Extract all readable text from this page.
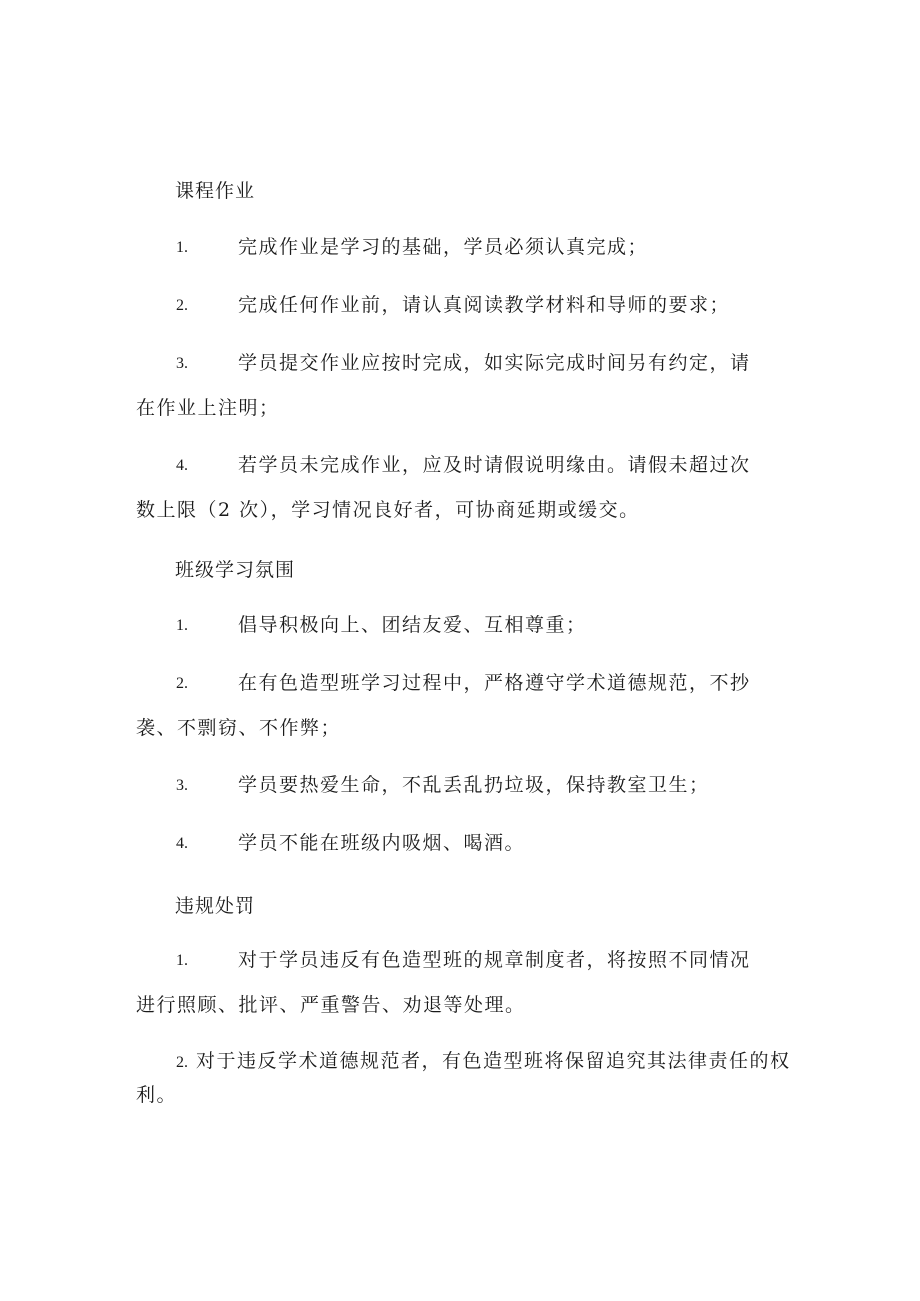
课程作业
1.	完成作业是学习的基础，学员必须认真完成；
2.	完成任何作业前，请认真阅读教学材料和导师的要求；
3.	学员提交作业应按时完成，如实际完成时间另有约定，请
在作业上注明；
4.	若学员未完成作业，应及时请假说明缘由。请假未超过次
数上限（2 次），学习情况良好者，可协商延期或缓交。
班级学习氛围
1.	倡导积极向上、团结友爱、互相尊重；
2.	在有色造型班学习过程中，严格遵守学术道德规范，不抄
袭、不剽窃、不作弊；
3.	学员要热爱生命，不乱丢乱扔垃圾，保持教室卫生；
4.	学员不能在班级内吸烟、喝酒。
违规处罚
1.	对于学员违反有色造型班的规章制度者，将按照不同情况
进行照顾、批评、严重警告、劝退等处理。
2. 对于违反学术道德规范者，有色造型班将保留追究其法律责任的权
利。
